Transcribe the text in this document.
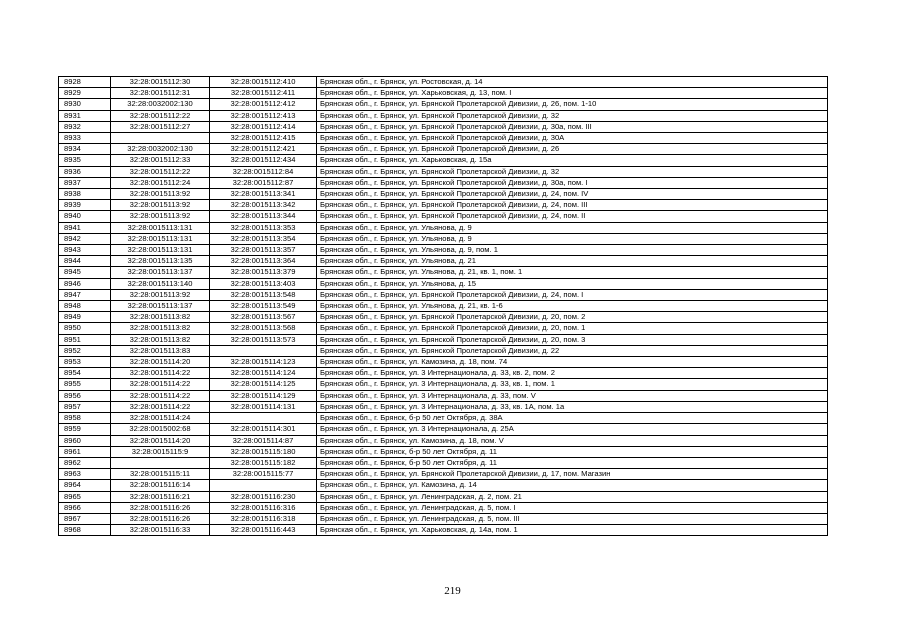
8928	32:28:0015112:30	32:28:0015112:410	Брянская обл., г. Брянск, ул. Ростовская, д. 14
8929	32:28:0015112:31	32:28:0015112:411	Брянская обл., г. Брянск, ул. Харьковская, д. 13, пом. I
8930	32:28:0032002:130	32:28:0015112:412	Брянская обл., г. Брянск, ул. Брянской Пролетарской Дивизии, д. 26, пом. 1-10
8931	32:28:0015112:22	32:28:0015112:413	Брянская обл., г. Брянск, ул. Брянской Пролетарской Дивизии, д. 32
8932	32:28:0015112:27	32:28:0015112:414	Брянская обл., г. Брянск, ул. Брянской Пролетарской Дивизии, д. 30а, пом. III
8933		32:28:0015112:415	Брянская обл., г. Брянск, ул. Брянской Пролетарской Дивизии, д. 30А
8934	32:28:0032002:130	32:28:0015112:421	Брянская обл., г. Брянск, ул. Брянской Пролетарской Дивизии, д. 26
8935	32:28:0015112:33	32:28:0015112:434	Брянская обл., г. Брянск, ул. Харьковская, д. 15а
8936	32:28:0015112:22	32:28:0015112:84	Брянская обл., г. Брянск, ул. Брянской Пролетарской Дивизии, д. 32
8937	32:28:0015112:24	32:28:0015112:87	Брянская обл., г. Брянск, ул. Брянской Пролетарской Дивизии, д. 30а, пом. I
8938	32:28:0015113:92	32:28:0015113:341	Брянская обл., г. Брянск, ул. Брянской Пролетарской Дивизии, д. 24, пом. IV
8939	32:28:0015113:92	32:28:0015113:342	Брянская обл., г. Брянск, ул. Брянской Пролетарской Дивизии, д. 24, пом. III
8940	32:28:0015113:92	32:28:0015113:344	Брянская обл., г. Брянск, ул. Брянской Пролетарской Дивизии, д. 24, пом. II
8941	32:28:0015113:131	32:28:0015113:353	Брянская обл., г. Брянск, ул. Ульянова, д. 9
8942	32:28:0015113:131	32:28:0015113:354	Брянская обл., г. Брянск, ул. Ульянова, д. 9
8943	32:28:0015113:131	32:28:0015113:357	Брянская обл., г. Брянск, ул. Ульянова, д. 9, пом. 1
8944	32:28:0015113:135	32:28:0015113:364	Брянская обл., г. Брянск, ул. Ульянова, д. 21
8945	32:28:0015113:137	32:28:0015113:379	Брянская обл., г. Брянск, ул. Ульянова, д. 21, кв. 1, пом. 1
8946	32:28:0015113:140	32:28:0015113:403	Брянская обл., г. Брянск, ул. Ульянова, д. 15
8947	32:28:0015113:92	32:28:0015113:548	Брянская обл., г. Брянск, ул. Брянской Пролетарской Дивизии, д. 24, пом. I
8948	32:28:0015113:137	32:28:0015113:549	Брянская обл., г. Брянск, ул. Ульянова, д. 21, кв. 1-6
8949	32:28:0015113:82	32:28:0015113:567	Брянская обл., г. Брянск, ул. Брянской Пролетарской Дивизии, д. 20, пом. 2
8950	32:28:0015113:82	32:28:0015113:568	Брянская обл., г. Брянск, ул. Брянской Пролетарской Дивизии, д. 20, пом. 1
8951	32:28:0015113:82	32:28:0015113:573	Брянская обл., г. Брянск, ул. Брянской Пролетарской Дивизии, д. 20, пом. 3
8952	32:28:0015113:83		Брянская обл., г. Брянск, ул. Брянской Пролетарской Дивизии, д. 22
8953	32:28:0015114:20	32:28:0015114:123	Брянская обл., г. Брянск, ул. Камозина, д. 18, пом. 74
8954	32:28:0015114:22	32:28:0015114:124	Брянская обл., г. Брянск, ул. 3 Интернационала, д. 33, кв. 2, пом. 2
8955	32:28:0015114:22	32:28:0015114:125	Брянская обл., г. Брянск, ул. 3 Интернационала, д. 33, кв. 1, пом. 1
8956	32:28:0015114:22	32:28:0015114:129	Брянская обл., г. Брянск, ул. 3 Интернационала, д. 33, пом. V
8957	32:28:0015114:22	32:28:0015114:131	Брянская обл., г. Брянск, ул. 3 Интернационала, д. 33, кв. 1А, пом. 1а
8958	32:28:0015114:24		Брянская обл., г. Брянск, б-р 50 лет Октября, д. 38А
8959	32:28:0015002:68	32:28:0015114:301	Брянская обл., г. Брянск, ул. 3 Интернационала, д. 25А
8960	32:28:0015114:20	32:28:0015114:87	Брянская обл., г. Брянск, ул. Камозина, д. 18, пом. V
8961	32:28:0015115:9	32:28:0015115:180	Брянская обл., г. Брянск, б-р 50 лет Октября, д. 11
8962		32:28:0015115:182	Брянская обл., г. Брянск, б-р 50 лет Октября, д. 11
8963	32:28:0015115:11	32:28:0015115:77	Брянская обл., г. Брянск, ул. Брянской Пролетарской Дивизии, д. 17, пом. Магазин
8964	32:28:0015116:14		Брянская обл., г. Брянск, ул. Камозина, д. 14
8965	32:28:0015116:21	32:28:0015116:230	Брянская обл., г. Брянск, ул. Ленинградская, д. 2, пом. 21
8966	32:28:0015116:26	32:28:0015116:316	Брянская обл., г. Брянск, ул. Ленинградская, д. 5, пом. I
8967	32:28:0015116:26	32:28:0015116:318	Брянская обл., г. Брянск, ул. Ленинградская, д. 5, пом. III
8968	32:28:0015116:33	32:28:0015116:443	Брянская обл., г. Брянск, ул. Харьковская, д. 14а, пом. 1
219
